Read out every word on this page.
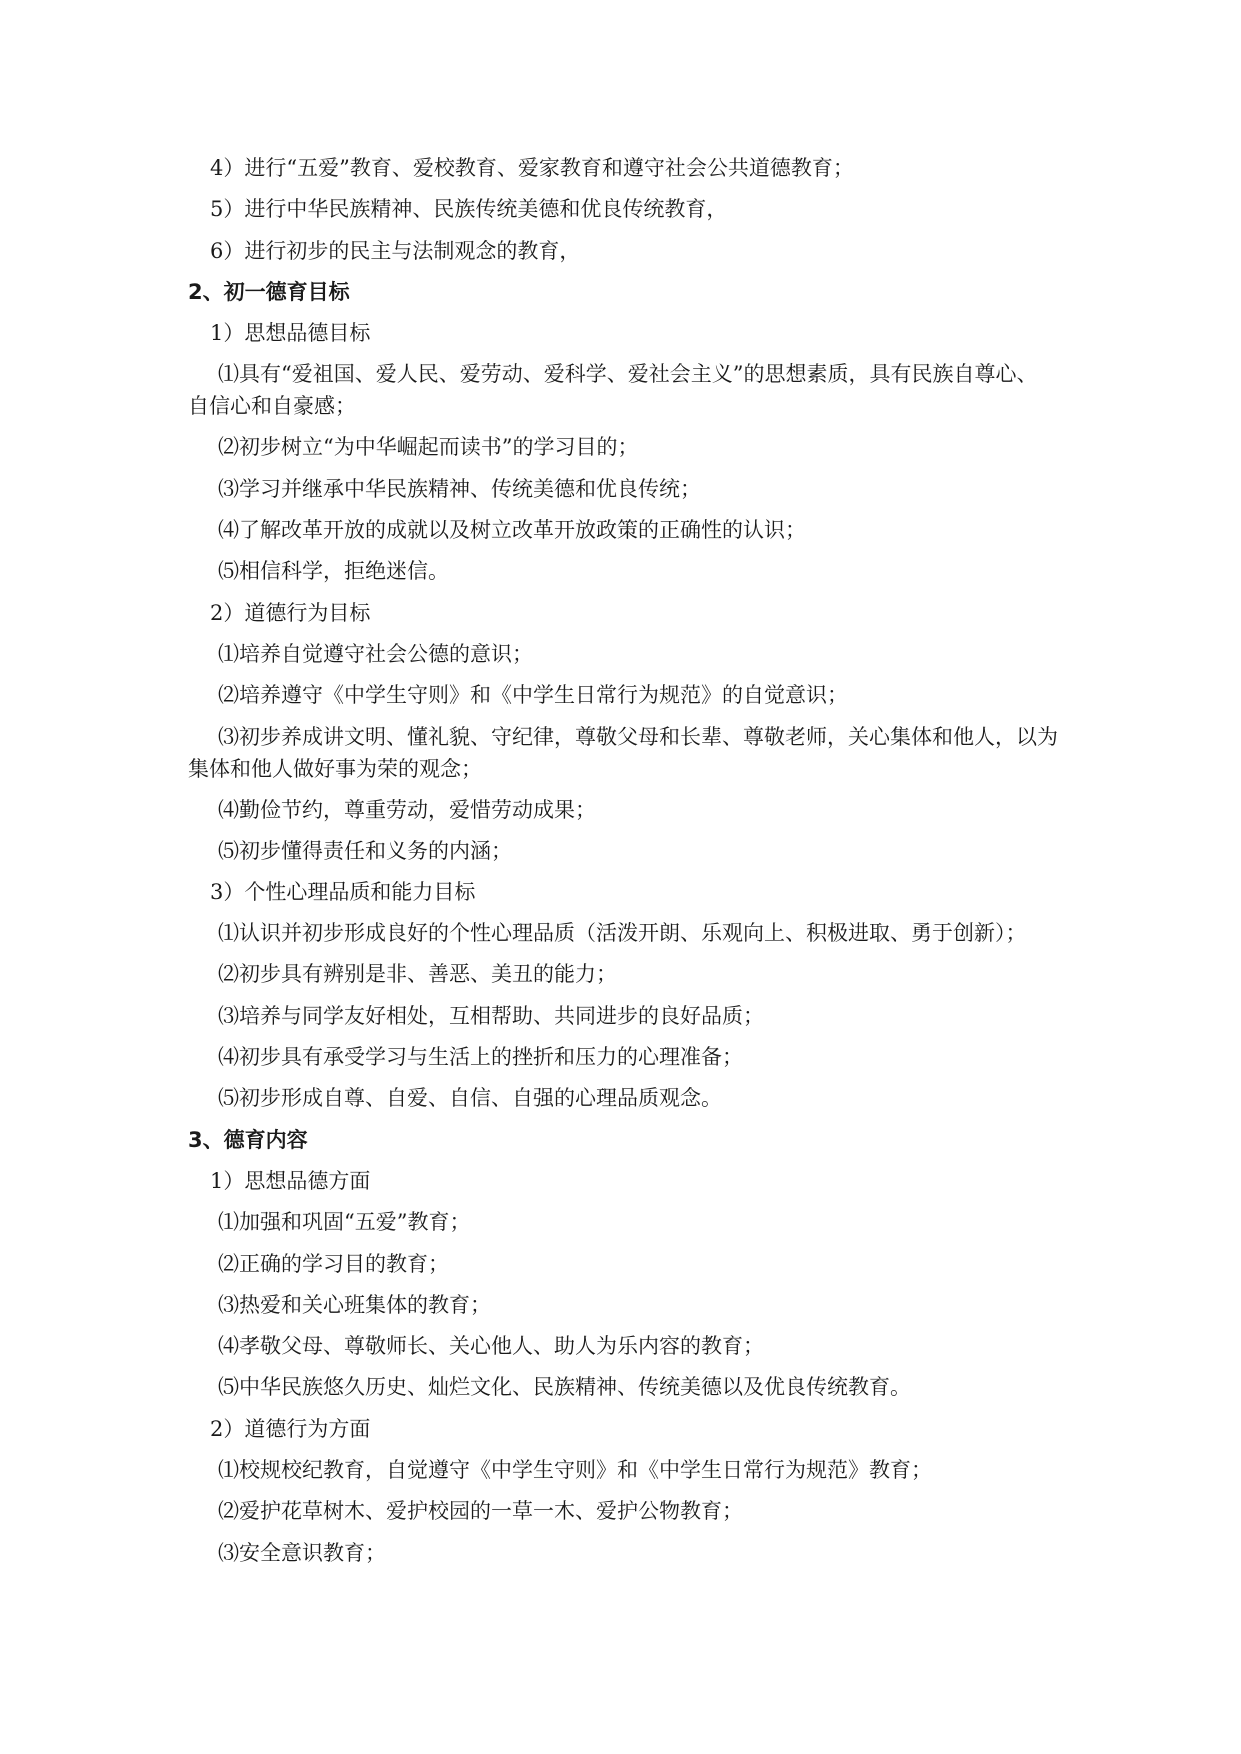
4）进行“五爱”教育、爱校教育、爱家教育和遵守社会公共道德教育；
5）进行中华民族精神、民族传统美德和优良传统教育，
6）进行初步的民主与法制观念的教育，
2、初一德育目标
1）思想品德目标
⑴具有“爱祖国、爱人民、爱劳动、爱科学、爱社会主义”的思想素质，具有民族自尊心、自信心和自豪感；
⑵初步树立“为中华崛起而读书”的学习目的；
⑶学习并继承中华民族精神、传统美德和优良传统；
⑷了解改革开放的成就以及树立改革开放政策的正确性的认识；
⑸相信科学，拒绝迷信。
2）道德行为目标
⑴培养自觉遵守社会公德的意识；
⑵培养遵守《中学生守则》和《中学生日常行为规范》的自觉意识；
⑶初步养成讲文明、懂礼貌、守纪律，尊敬父母和长辈、尊敬老师，关心集体和他人，以为集体和他人做好事为荣的观念；
⑷勤俭节约，尊重劳动，爱惜劳动成果；
⑸初步懂得责任和义务的内涵；
3）个性心理品质和能力目标
⑴认识并初步形成良好的个性心理品质（活泼开朗、乐观向上、积极进取、勇于创新）；
⑵初步具有辨别是非、善恶、美丑的能力；
⑶培养与同学友好相处，互相帮助、共同进步的良好品质；
⑷初步具有承受学习与生活上的挫折和压力的心理准备；
⑸初步形成自尊、自爱、自信、自强的心理品质观念。
3、德育内容
1）思想品德方面
⑴加强和巩固“五爱”教育；
⑵正确的学习目的教育；
⑶热爱和关心班集体的教育；
⑷孝敬父母、尊敬师长、关心他人、助人为乐内容的教育；
⑸中华民族悠久历史、灿烂文化、民族精神、传统美德以及优良传统教育。
2）道德行为方面
⑴校规校纪教育，自觉遵守《中学生守则》和《中学生日常行为规范》教育；
⑵爱护花草树木、爱护校园的一草一木、爱护公物教育；
⑶安全意识教育；
